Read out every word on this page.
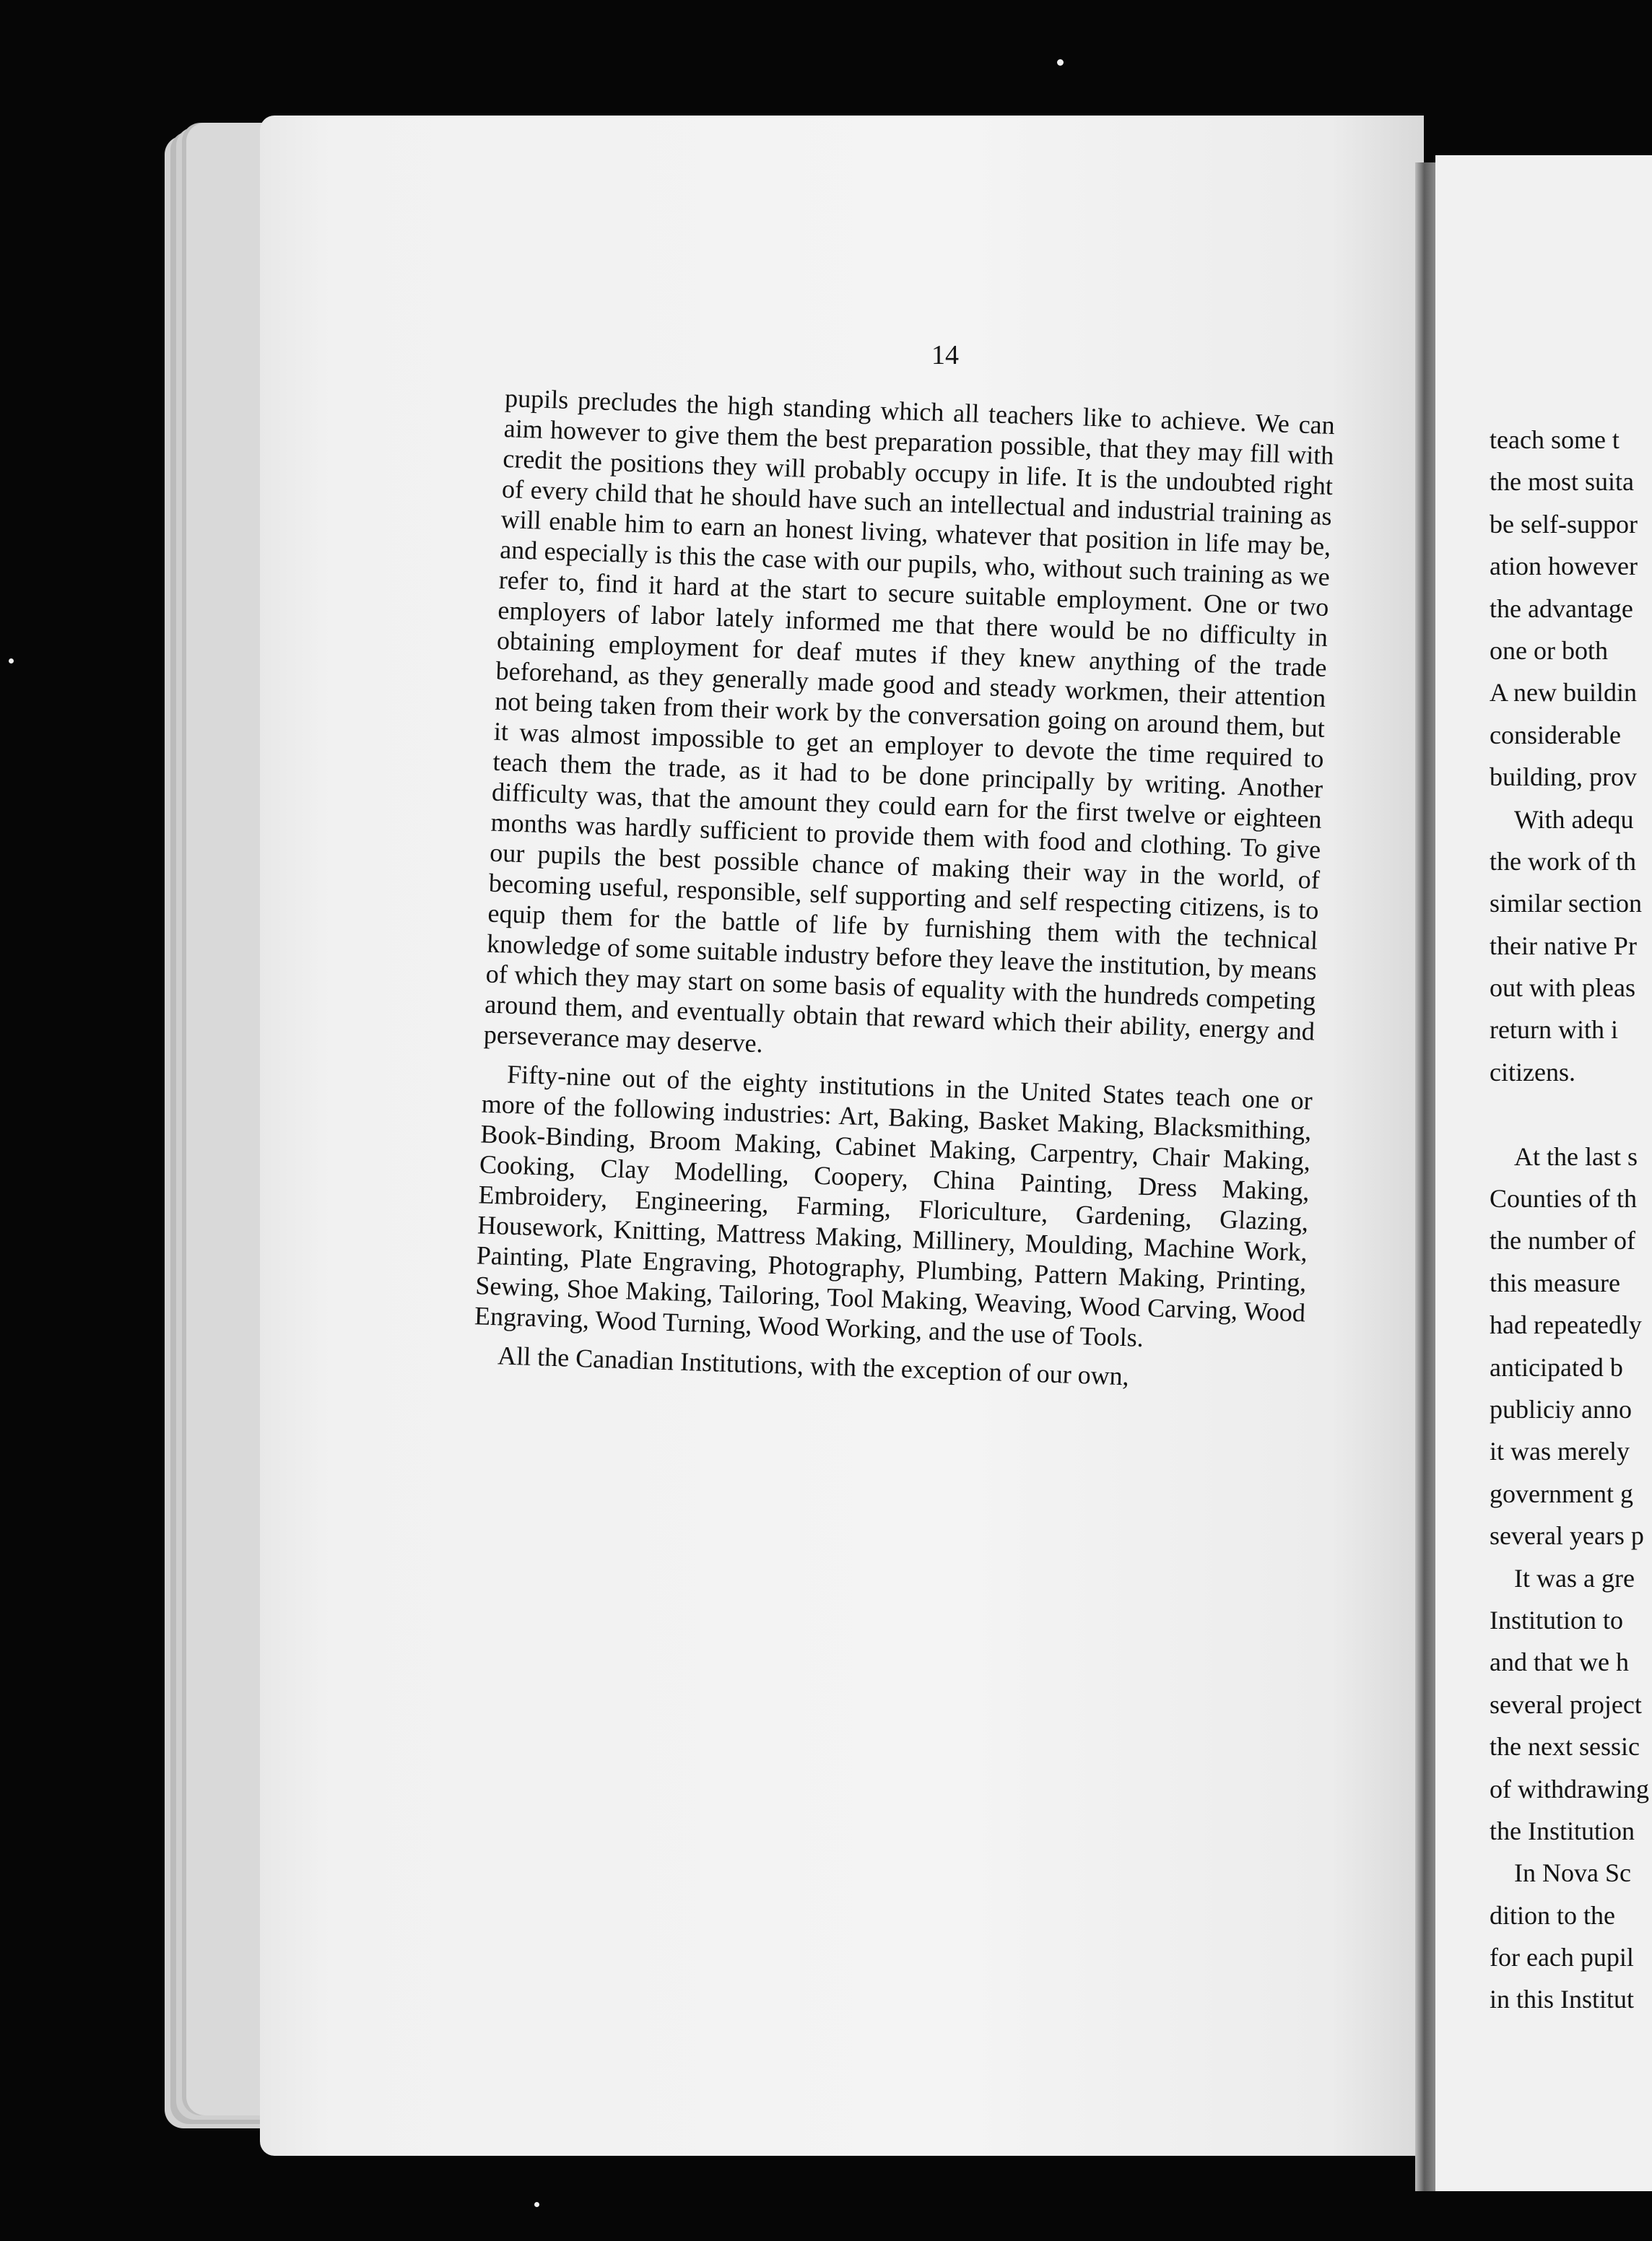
14

pupils precludes the high standing which all teachers like to achieve. We can aim however to give them the best preparation possible, that they may fill with credit the positions they will probably occupy in life. It is the undoubted right of every child that he should have such an intellectual and industrial training as will enable him to earn an honest living, whatever that position in life may be, and especially is this the case with our pupils, who, without such training as we refer to, find it hard at the start to secure suitable employment. One or two employers of labor lately informed me that there would be no difficulty in obtaining employment for deaf mutes if they knew anything of the trade beforehand, as they generally made good and steady workmen, their attention not being taken from their work by the conversation going on around them, but it was almost impossible to get an employer to devote the time required to teach them the trade, as it had to be done principally by writing. Another difficulty was, that the amount they could earn for the first twelve or eighteen months was hardly sufficient to provide them with food and clothing. To give our pupils the best possible chance of making their way in the world, of becoming useful, responsible, self supporting and self respecting citizens, is to equip them for the battle of life by furnishing them with the technical knowledge of some suitable industry before they leave the institution, by means of which they may start on some basis of equality with the hundreds competing around them, and eventually obtain that reward which their ability, energy and perseverance may deserve.

Fifty-nine out of the eighty institutions in the United States teach one or more of the following industries: Art, Baking, Basket Making, Blacksmithing, Book-Binding, Broom Making, Cabinet Making, Carpentry, Chair Making, Cooking, Clay Modelling, Coopery, China Painting, Dress Making, Embroidery, Engineering, Farming, Floriculture, Gardening, Glazing, Housework, Knitting, Mattress Making, Millinery, Moulding, Machine Work, Painting, Plate Engraving, Photography, Plumbing, Pattern Making, Printing, Sewing, Shoe Making, Tailoring, Tool Making, Weaving, Wood Carving, Wood Engraving, Wood Turning, Wood Working, and the use of Tools.

All the Canadian Institutions, with the exception of our own,

teach some t
the most suita
be self-suppor
ation however
the advantage
one or both
A new buildin
considerable
building, prov
With adequ
the work of th
similar section
their native Pr
out with pleas
return with i
citizens.
At the last s
Counties of th
the number of
this measure
had repeatedly
anticipated b
publiciy anno
it was merely
government g
several years p
It was a gre
Institution to
and that we h
several project
the next sessic
of withdrawing
the Institution
In Nova Sc
dition to the
for each pupil
in this Institut
